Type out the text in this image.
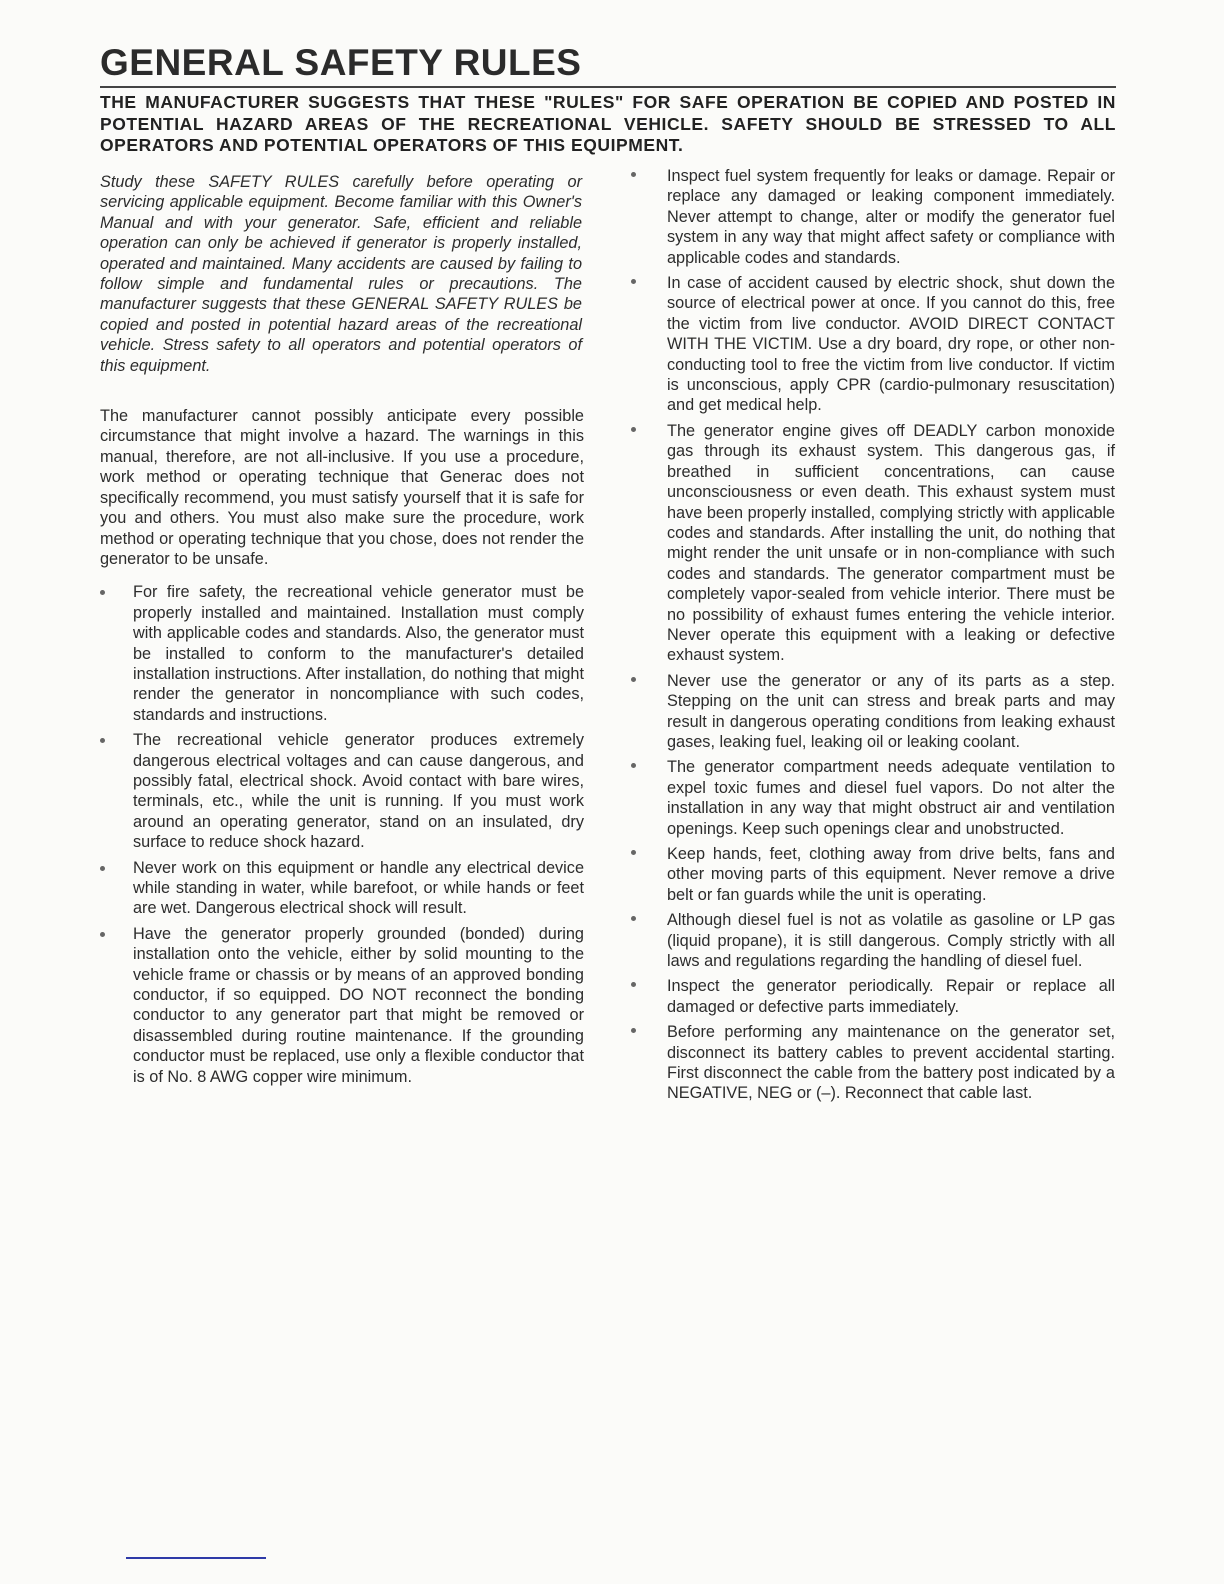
GENERAL SAFETY RULES

THE MANUFACTURER SUGGESTS THAT THESE "RULES" FOR SAFE OPERATION BE COPIED AND POSTED IN POTENTIAL HAZARD AREAS OF THE RECREATIONAL VEHICLE. SAFETY SHOULD BE STRESSED TO ALL OPERATORS AND POTENTIAL OPERATORS OF THIS EQUIPMENT.

Study these SAFETY RULES carefully before operating or servicing applicable equipment. Become familiar with this Owner's Manual and with your generator. Safe, efficient and reliable operation can only be achieved if generator is properly installed, operated and maintained. Many accidents are caused by failing to follow simple and fundamental rules or precautions. The manufacturer suggests that these GENERAL SAFETY RULES be copied and posted in potential hazard areas of the recreational vehicle. Stress safety to all operators and potential operators of this equipment.

The manufacturer cannot possibly anticipate every possible circumstance that might involve a hazard. The warnings in this manual, therefore, are not all-inclusive. If you use a procedure, work method or operating technique that Generac does not specifically recommend, you must satisfy yourself that it is safe for you and others. You must also make sure the procedure, work method or operating technique that you chose, does not render the generator to be unsafe.

For fire safety, the recreational vehicle generator must be properly installed and maintained. Installation must comply with applicable codes and standards. Also, the generator must be installed to conform to the manufacturer's detailed installation instructions. After installation, do nothing that might render the generator in noncompliance with such codes, standards and instructions.
The recreational vehicle generator produces extremely dangerous electrical voltages and can cause dangerous, and possibly fatal, electrical shock. Avoid contact with bare wires, terminals, etc., while the unit is running. If you must work around an operating generator, stand on an insulated, dry surface to reduce shock hazard.
Never work on this equipment or handle any electrical device while standing in water, while barefoot, or while hands or feet are wet. Dangerous electrical shock will result.
Have the generator properly grounded (bonded) during installation onto the vehicle, either by solid mounting to the vehicle frame or chassis or by means of an approved bonding conductor, if so equipped. DO NOT reconnect the bonding conductor to any generator part that might be removed or disassembled during routine maintenance. If the grounding conductor must be replaced, use only a flexible conductor that is of No. 8 AWG copper wire minimum.
Inspect fuel system frequently for leaks or damage. Repair or replace any damaged or leaking component immediately. Never attempt to change, alter or modify the generator fuel system in any way that might affect safety or compliance with applicable codes and standards.
In case of accident caused by electric shock, shut down the source of electrical power at once. If you cannot do this, free the victim from live conductor. AVOID DIRECT CONTACT WITH THE VICTIM. Use a dry board, dry rope, or other non-conducting tool to free the victim from live conductor. If victim is unconscious, apply CPR (cardio-pulmonary resuscitation) and get medical help.
The generator engine gives off DEADLY carbon monoxide gas through its exhaust system. This dangerous gas, if breathed in sufficient concentrations, can cause unconsciousness or even death. This exhaust system must have been properly installed, complying strictly with applicable codes and standards. After installing the unit, do nothing that might render the unit unsafe or in non-compliance with such codes and standards. The generator compartment must be completely vapor-sealed from vehicle interior. There must be no possibility of exhaust fumes entering the vehicle interior. Never operate this equipment with a leaking or defective exhaust system.
Never use the generator or any of its parts as a step. Stepping on the unit can stress and break parts and may result in dangerous operating conditions from leaking exhaust gases, leaking fuel, leaking oil or leaking coolant.
The generator compartment needs adequate ventilation to expel toxic fumes and diesel fuel vapors. Do not alter the installation in any way that might obstruct air and ventilation openings. Keep such openings clear and unobstructed.
Keep hands, feet, clothing away from drive belts, fans and other moving parts of this equipment. Never remove a drive belt or fan guards while the unit is operating.
Although diesel fuel is not as volatile as gasoline or LP gas (liquid propane), it is still dangerous. Comply strictly with all laws and regulations regarding the handling of diesel fuel.
Inspect the generator periodically. Repair or replace all damaged or defective parts immediately.
Before performing any maintenance on the generator set, disconnect its battery cables to prevent accidental starting. First disconnect the cable from the battery post indicated by a NEGATIVE, NEG or (–). Reconnect that cable last.
